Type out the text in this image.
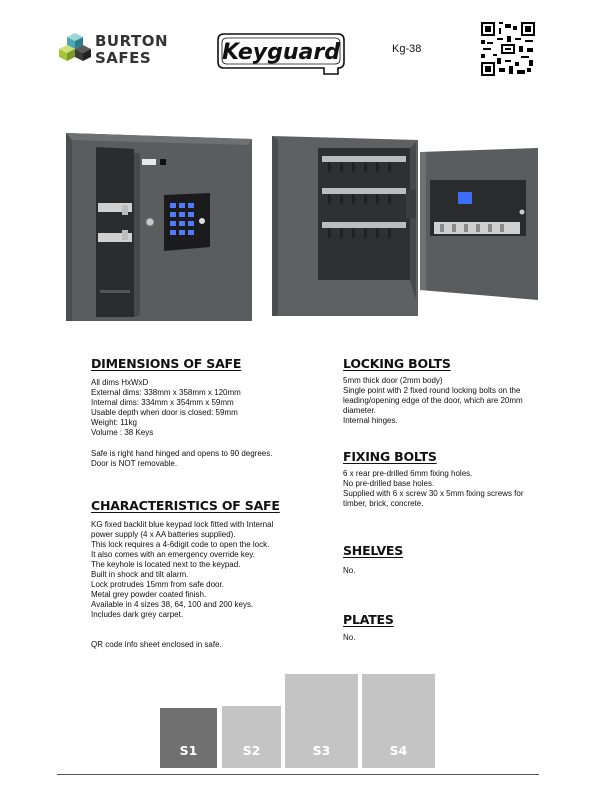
BURTON
SAFES	Keyguard	Kg-38
DIMENSIONS OF SAFE
All dims HxWxD
External dims: 338mm x 358mm x 120mm
Internal dims: 334mm x 354mm x 59mm
Usable depth when door is closed: 59mm
Weight: 11kg
Volume : 38 Keys
Safe is right hand hinged and opens to 90 degrees.
Door is NOT removable.
CHARACTERISTICS OF SAFE
KG fixed backlit blue keypad lock fitted with Internal
power supply (4 x AA batteries supplied).
This lock requires a 4-6digit code to open the lock.
It also comes with an emergency override key.
The keyhole is located next to the keypad.
Built in shock and tilt alarm.
Lock protrudes 15mm from safe door.
Metal grey powder coated finish.
Available in 4 sizes 38, 64, 100 and 200 keys.
Includes dark grey carpet.
QR code info sheet enclosed in safe.
LOCKING BOLTS
5mm thick door (2mm body)
Single point with 2 fixed round locking bolts on the
leading/opening edge of the door, which are 20mm
diameter.
Internal hinges.
FIXING BOLTS
6 x rear pre-drilled 6mm fixing holes.
No pre-drilled base holes.
Supplied with 6 x screw 30 x 5mm fixing screws for
timber, brick, concrete.
SHELVES
No.
PLATES
No.
S1	S2	S3	S4
